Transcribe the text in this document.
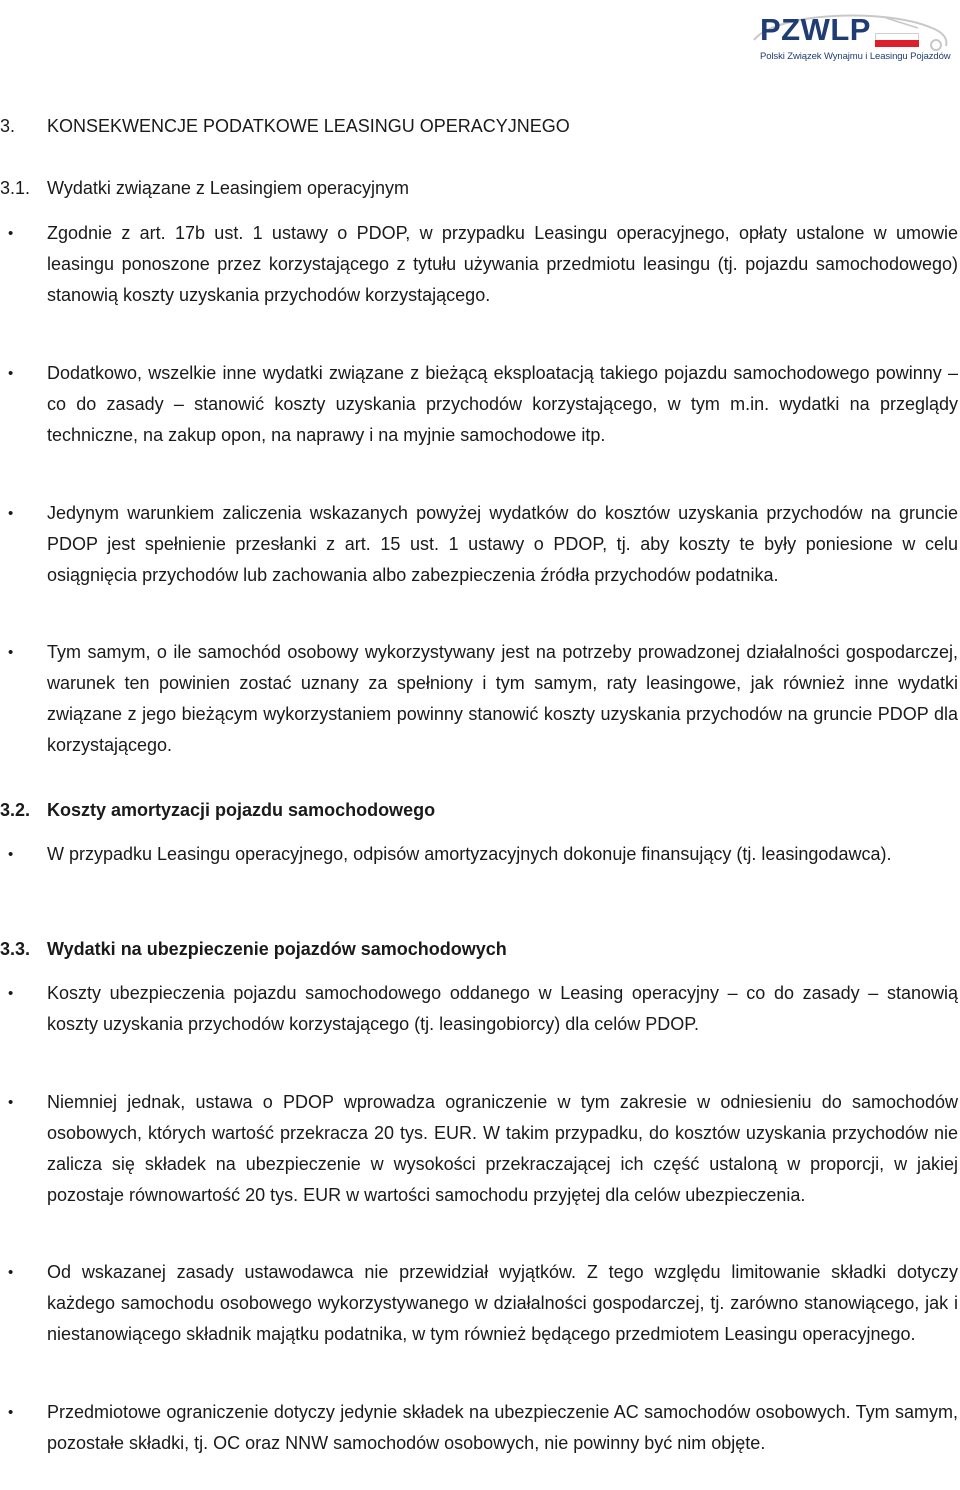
PZWLP
Polski Związek Wynajmu i Leasingu Pojazdów
3. KONSEKWENCJE PODATKOWE LEASINGU OPERACYJNEGO
3.1. Wydatki związane z Leasingiem operacyjnym
• Zgodnie z art. 17b ust. 1 ustawy o PDOP, w przypadku Leasingu operacyjnego, opłaty ustalone w umowie leasingu ponoszone przez korzystającego z tytułu używania przedmiotu leasingu (tj. pojazdu samochodowego) stanowią koszty uzyskania przychodów korzystającego.
• Dodatkowo, wszelkie inne wydatki związane z bieżącą eksploatacją takiego pojazdu samochodowego powinny – co do zasady – stanowić koszty uzyskania przychodów korzystającego, w tym m.in. wydatki na przeglądy techniczne, na zakup opon, na naprawy i na myjnie samochodowe itp.
• Jedynym warunkiem zaliczenia wskazanych powyżej wydatków do kosztów uzyskania przychodów na gruncie PDOP jest spełnienie przesłanki z art. 15 ust. 1 ustawy o PDOP, tj. aby koszty te były poniesione w celu osiągnięcia przychodów lub zachowania albo zabezpieczenia źródła przychodów podatnika.
• Tym samym, o ile samochód osobowy wykorzystywany jest na potrzeby prowadzonej działalności gospodarczej, warunek ten powinien zostać uznany za spełniony i tym samym, raty leasingowe, jak również inne wydatki związane z jego bieżącym wykorzystaniem powinny stanowić koszty uzyskania przychodów na gruncie PDOP dla korzystającego.
3.2. Koszty amortyzacji pojazdu samochodowego
• W przypadku Leasingu operacyjnego, odpisów amortyzacyjnych dokonuje finansujący (tj. leasingodawca).
3.3. Wydatki na ubezpieczenie pojazdów samochodowych
• Koszty ubezpieczenia pojazdu samochodowego oddanego w Leasing operacyjny – co do zasady – stanowią koszty uzyskania przychodów korzystającego (tj. leasingobiorcy) dla celów PDOP.
• Niemniej jednak, ustawa o PDOP wprowadza ograniczenie w tym zakresie w odniesieniu do samochodów osobowych, których wartość przekracza 20 tys. EUR. W takim przypadku, do kosztów uzyskania przychodów nie zalicza się składek na ubezpieczenie w wysokości przekraczającej ich część ustaloną w proporcji, w jakiej pozostaje równowartość 20 tys. EUR w wartości samochodu przyjętej dla celów ubezpieczenia.
• Od wskazanej zasady ustawodawca nie przewidział wyjątków. Z tego względu limitowanie składki dotyczy każdego samochodu osobowego wykorzystywanego w działalności gospodarczej, tj. zarówno stanowiącego, jak i niestanowiącego składnik majątku podatnika, w tym również będącego przedmiotem Leasingu operacyjnego.
• Przedmiotowe ograniczenie dotyczy jedynie składek na ubezpieczenie AC samochodów osobowych. Tym samym, pozostałe składki, tj. OC oraz NNW samochodów osobowych, nie powinny być nim objęte.
